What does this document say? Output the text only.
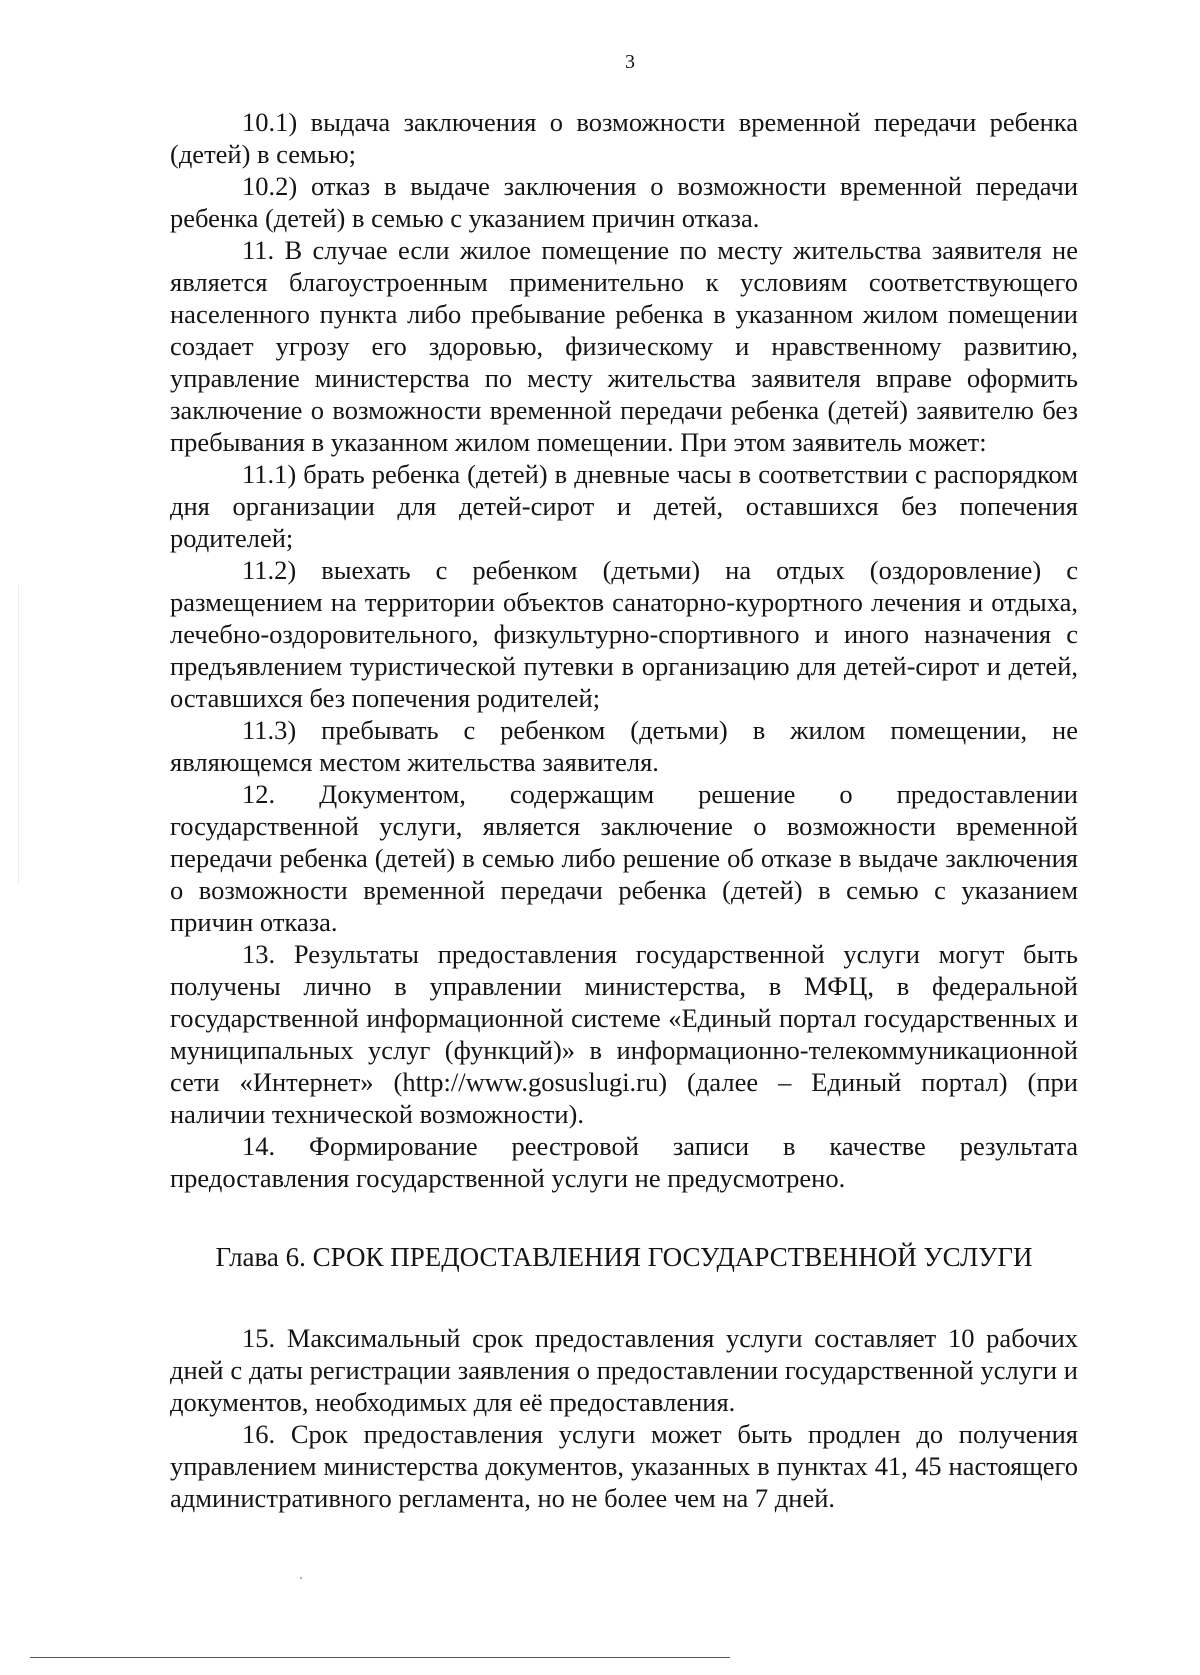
3

10.1) выдача заключения о возможности временной передачи ребенка (детей) в семью;

10.2) отказ в выдаче заключения о возможности временной передачи ребенка (детей) в семью с указанием причин отказа.

11. В случае если жилое помещение по месту жительства заявителя не является благоустроенным применительно к условиям соответствующего населенного пункта либо пребывание ребенка в указанном жилом помещении создает угрозу его здоровью, физическому и нравственному развитию, управление министерства по месту жительства заявителя вправе оформить заключение о возможности временной передачи ребенка (детей) заявителю без пребывания в указанном жилом помещении. При этом заявитель может:

11.1) брать ребенка (детей) в дневные часы в соответствии с распорядком дня организации для детей-сирот и детей, оставшихся без попечения родителей;

11.2) выехать с ребенком (детьми) на отдых (оздоровление) с размещением на территории объектов санаторно-курортного лечения и отдыха, лечебно-оздоровительного, физкультурно-спортивного и иного назначения с предъявлением туристической путевки в организацию для детей-сирот и детей, оставшихся без попечения родителей;

11.3) пребывать с ребенком (детьми) в жилом помещении, не являющемся местом жительства заявителя.

12. Документом, содержащим решение о предоставлении государственной услуги, является заключение о возможности временной передачи ребенка (детей) в семью либо решение об отказе в выдаче заключения о возможности временной передачи ребенка (детей) в семью с указанием причин отказа.

13. Результаты предоставления государственной услуги могут быть получены лично в управлении министерства, в МФЦ, в федеральной государственной информационной системе «Единый портал государственных и муниципальных услуг (функций)» в информационно-телекоммуникационной сети «Интернет» (http://www.gosuslugi.ru) (далее – Единый портал) (при наличии технической возможности).

14. Формирование реестровой записи в качестве результата предоставления государственной услуги не предусмотрено.

Глава 6. СРОК ПРЕДОСТАВЛЕНИЯ ГОСУДАРСТВЕННОЙ УСЛУГИ

15. Максимальный срок предоставления услуги составляет 10 рабочих дней с даты регистрации заявления о предоставлении государственной услуги и документов, необходимых для её предоставления.

16. Срок предоставления услуги может быть продлен до получения управлением министерства документов, указанных в пунктах 41, 45 настоящего административного регламента, но не более чем на 7 дней.
